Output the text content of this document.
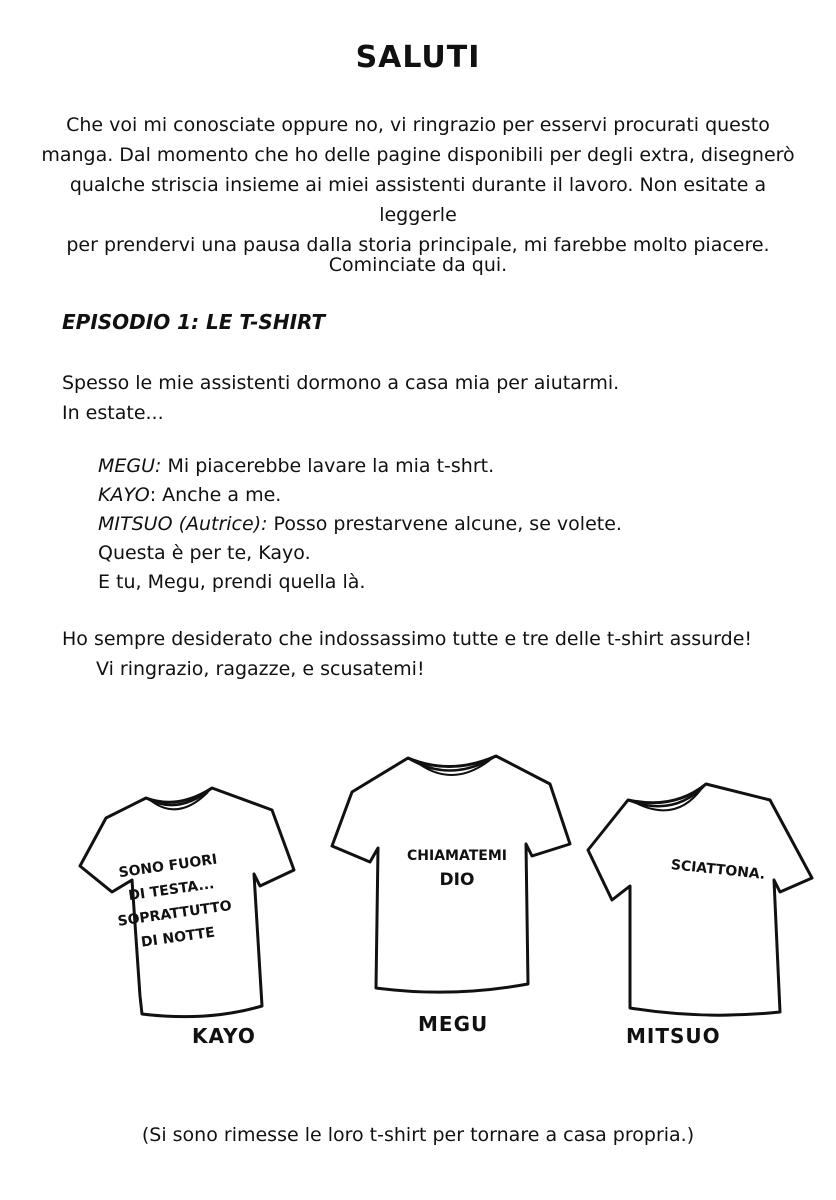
SALUTI
Che voi mi conosciate oppure no, vi ringrazio per esservi procurati questo
manga. Dal momento che ho delle pagine disponibili per degli extra, disegnerò
qualche striscia insieme ai miei assistenti durante il lavoro. Non esitate a leggerle
per prendervi una pausa dalla storia principale, mi farebbe molto piacere.
Cominciate da qui.
EPISODIO 1: LE T-SHIRT
Spesso le mie assistenti dormono a casa mia per aiutarmi.
In estate...
MEGU: Mi piacerebbe lavare la mia t-shrt.
KAYO: Anche a me.
MITSUO (Autrice): Posso prestarvene alcune, se volete.
Questa è per te, Kayo.
E tu, Megu, prendi quella là.
Ho sempre desiderato che indossassimo tutte e tre delle t-shirt assurde!
Vi ringrazio, ragazze, e scusatemi!
SONO FUORI
DI TESTA...
SOPRATTUTTO
DI NOTTE
KAYO
CHIAMATEMI
DIO
MEGU
SCIATTONA.
MITSUO
(Si sono rimesse le loro t-shirt per tornare a casa propria.)
